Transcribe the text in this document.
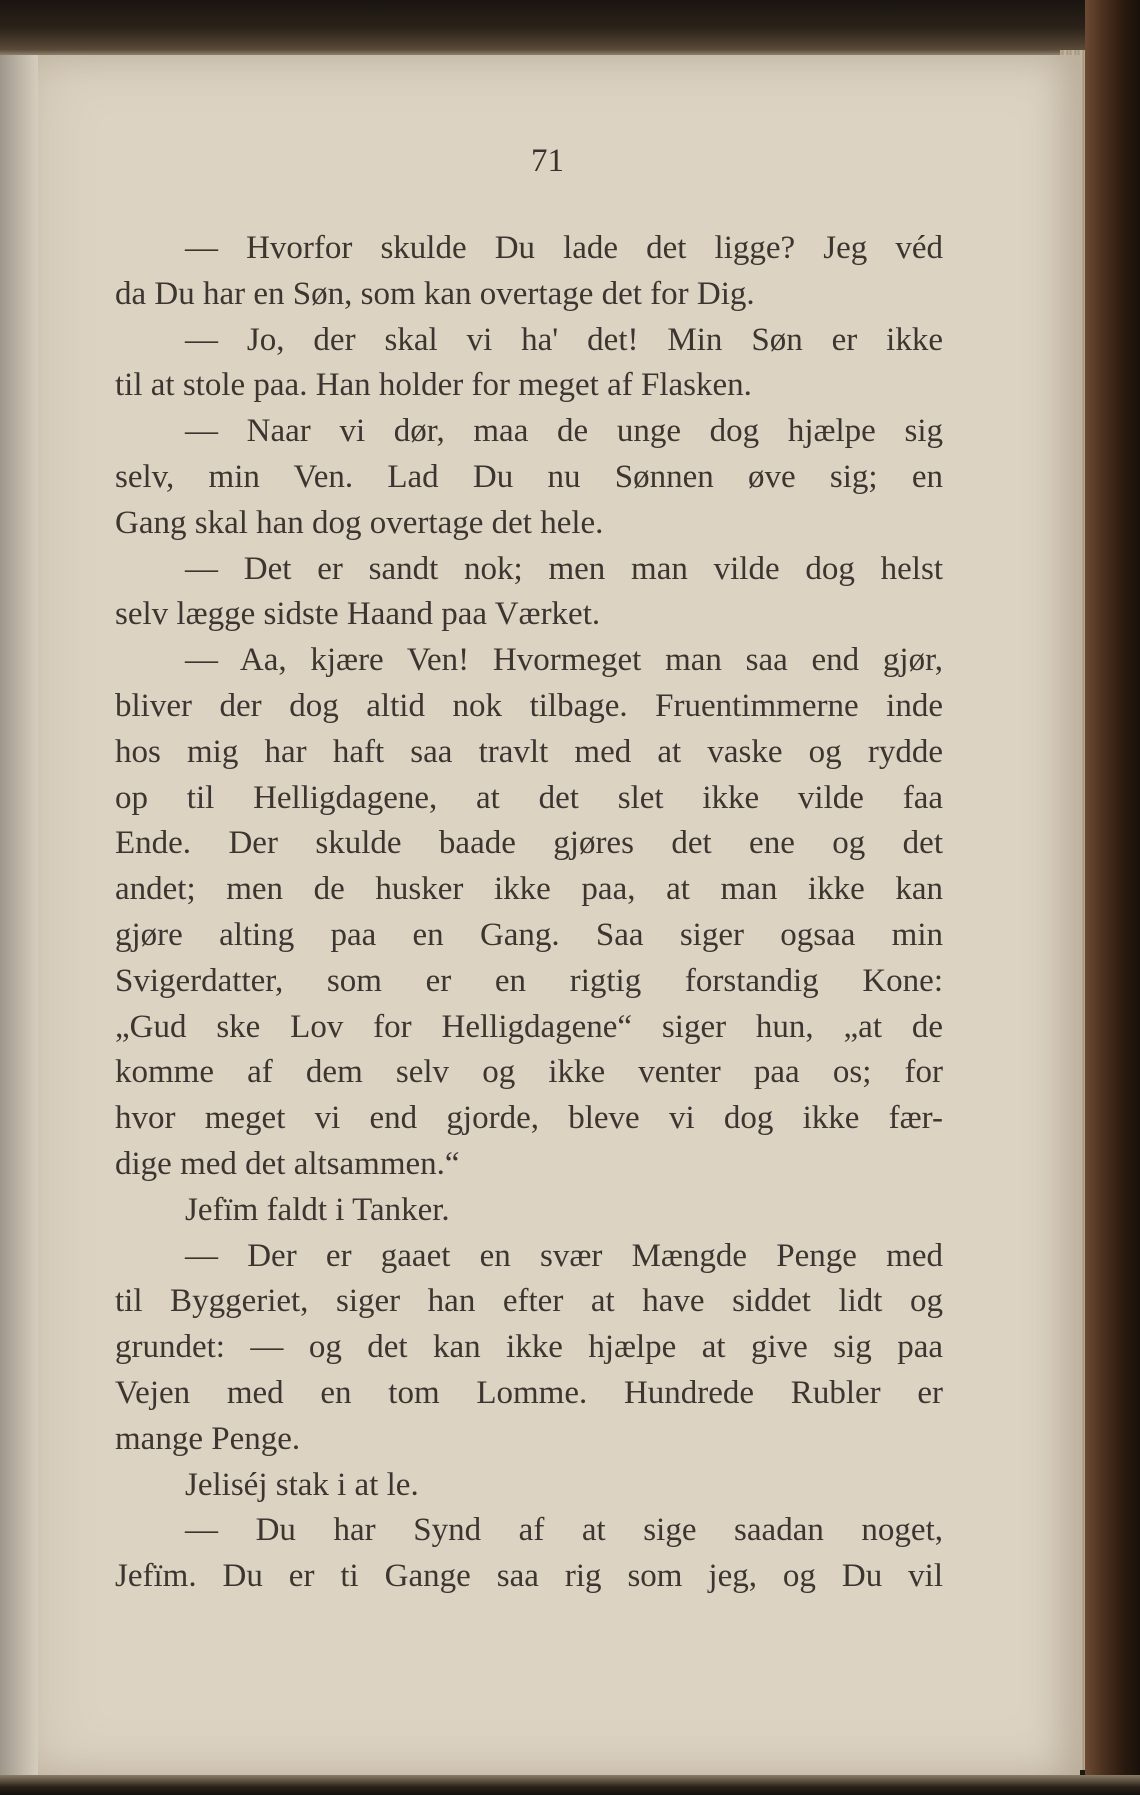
71
— Hvorfor skulde Du lade det ligge? Jeg véd
da Du har en Søn, som kan overtage det for Dig.
— Jo, der skal vi ha' det! Min Søn er ikke
til at stole paa. Han holder for meget af Flasken.
— Naar vi dør, maa de unge dog hjælpe sig
selv, min Ven. Lad Du nu Sønnen øve sig; en
Gang skal han dog overtage det hele.
— Det er sandt nok; men man vilde dog helst
selv lægge sidste Haand paa Værket.
— Aa, kjære Ven! Hvormeget man saa end gjør,
bliver der dog altid nok tilbage. Fruentimmerne inde
hos mig har haft saa travlt med at vaske og rydde
op til Helligdagene, at det slet ikke vilde faa
Ende. Der skulde baade gjøres det ene og det
andet; men de husker ikke paa, at man ikke kan
gjøre alting paa en Gang. Saa siger ogsaa min
Svigerdatter, som er en rigtig forstandig Kone:
„Gud ske Lov for Helligdagene“ siger hun, „at de
komme af dem selv og ikke venter paa os; for
hvor meget vi end gjorde, bleve vi dog ikke fær-
dige med det altsammen.“
Jefïm faldt i Tanker.
— Der er gaaet en svær Mængde Penge med
til Byggeriet, siger han efter at have siddet lidt og
grundet: — og det kan ikke hjælpe at give sig paa
Vejen med en tom Lomme. Hundrede Rubler er
mange Penge.
Jeliséj stak i at le.
— Du har Synd af at sige saadan noget,
Jefïm. Du er ti Gange saa rig som jeg, og Du vil
